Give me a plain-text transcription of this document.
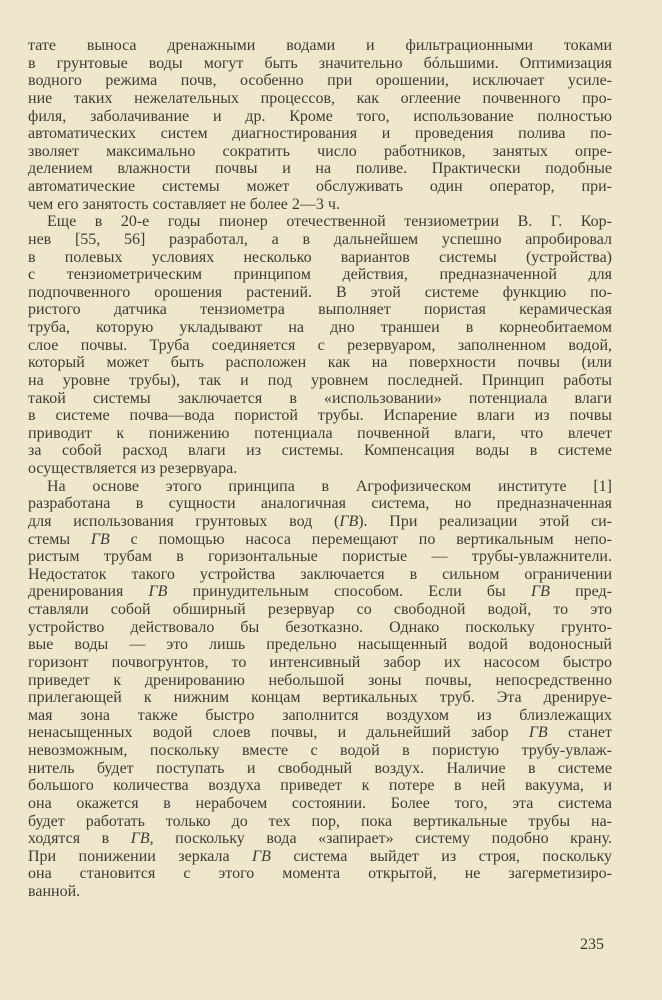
тате выноса дренажными водами и фильтрационными токами
в грунтовые воды могут быть значительно бóльшими. Оптимизация
водного режима почв, особенно при орошении, исключает усиле-
ние таких нежелательных процессов, как оглеение почвенного про-
филя, заболачивание и др. Кроме того, использование полностью
автоматических систем диагностирования и проведения полива по-
зволяет максимально сократить число работников, занятых опре-
делением влажности почвы и на поливе. Практически подобные
автоматические системы может обслуживать один оператор, при-
чем его занятость составляет не более 2—3 ч.
Еще в 20-е годы пионер отечественной тензиометрии В. Г. Кор-
нев [55, 56] разработал, а в дальнейшем успешно апробировал
в полевых условиях несколько вариантов системы (устройства)
с тензиометрическим принципом действия, предназначенной для
подпочвенного орошения растений. В этой системе функцию по-
ристого датчика тензиометра выполняет пористая керамическая
труба, которую укладывают на дно траншеи в корнеобитаемом
слое почвы. Труба соединяется с резервуаром, заполненном водой,
который может быть расположен как на поверхности почвы (или
на уровне трубы), так и под уровнем последней. Принцип работы
такой системы заключается в «использовании» потенциала влаги
в системе почва—вода пористой трубы. Испарение влаги из почвы
приводит к понижению потенциала почвенной влаги, что влечет
за собой расход влаги из системы. Компенсация воды в системе
осуществляется из резервуара.
На основе этого принципа в Агрофизическом институте [1]
разработана в сущности аналогичная система, но предназначенная
для использования грунтовых вод (ГВ). При реализации этой си-
стемы ГВ с помощью насоса перемещают по вертикальным непо-
ристым трубам в горизонтальные пористые — трубы-увлажнители.
Недостаток такого устройства заключается в сильном ограничении
дренирования ГВ принудительным способом. Если бы ГВ пред-
ставляли собой обширный резервуар со свободной водой, то это
устройство действовало бы безотказно. Однако поскольку грунто-
вые воды — это лишь предельно насыщенный водой водоносный
горизонт почвогрунтов, то интенсивный забор их насосом быстро
приведет к дренированию небольшой зоны почвы, непосредственно
прилегающей к нижним концам вертикальных труб. Эта дренируе-
мая зона также быстро заполнится воздухом из близлежащих
ненасыщенных водой слоев почвы, и дальнейший забор ГВ станет
невозможным, поскольку вместе с водой в пористую трубу-увлаж-
нитель будет поступать и свободный воздух. Наличие в системе
большого количества воздуха приведет к потере в ней вакуума, и
она окажется в нерабочем состоянии. Более того, эта система
будет работать только до тех пор, пока вертикальные трубы на-
ходятся в ГВ, поскольку вода «запирает» систему подобно крану.
При понижении зеркала ГВ система выйдет из строя, поскольку
она становится с этого момента открытой, не загерметизиро-
ванной.
235
